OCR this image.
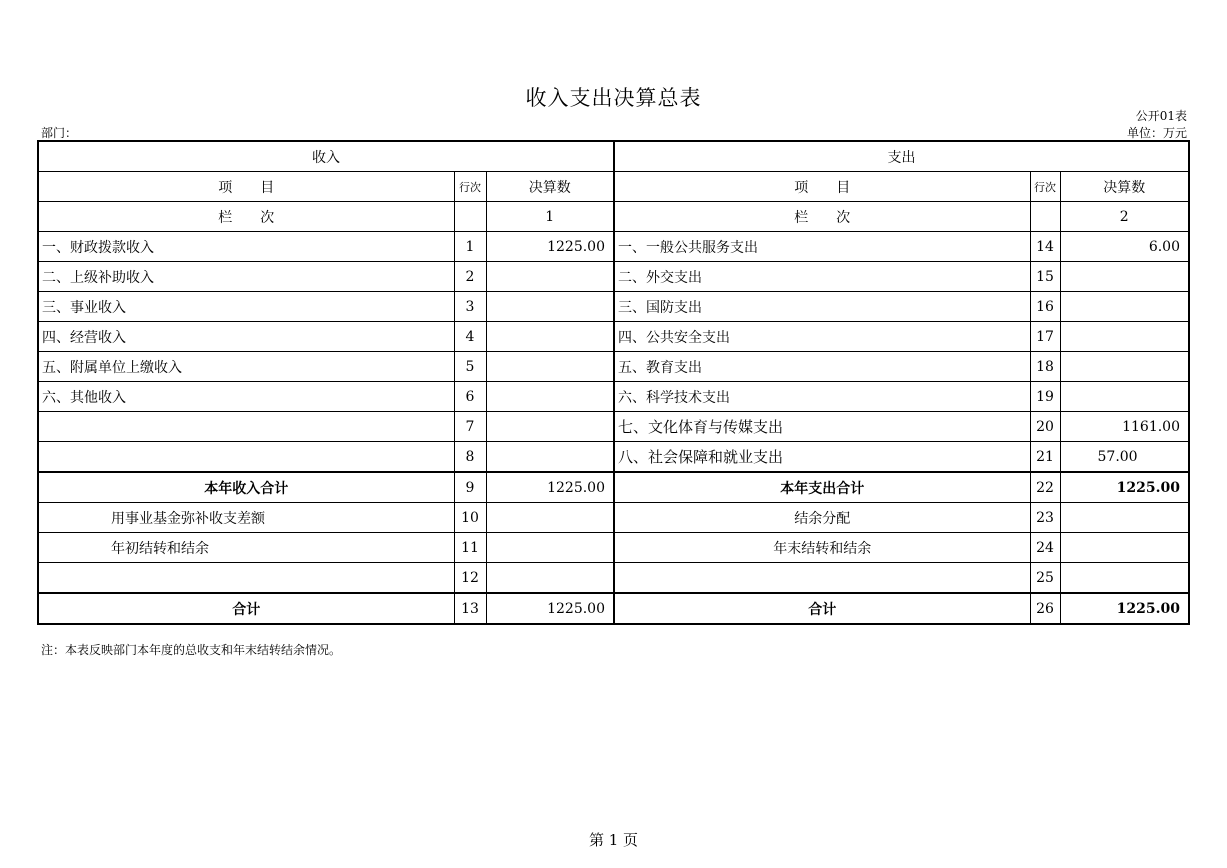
收入支出决算总表
公开01表
部门：	单位：万元
收入			支出		
项　　目	行次	决算数	项　　目	行次	决算数
栏　　次		1	栏　　次		2
一、财政拨款收入	1	1225.00	一、一般公共服务支出	14	6.00
二、上级补助收入	2		二、外交支出	15	
三、事业收入	3		三、国防支出	16	
四、经营收入	4		四、公共安全支出	17	
五、附属单位上缴收入	5		五、教育支出	18	
六、其他收入	6		六、科学技术支出	19	
	7		七、文化体育与传媒支出	20	1161.00
	8		八、社会保障和就业支出	21	57.00
本年收入合计	9	1225.00	本年支出合计	22	1225.00
用事业基金弥补收支差额	10		结余分配	23	
年初结转和结余	11		年末结转和结余	24	
	12			25	
合计	13	1225.00	合计	26	1225.00
注：本表反映部门本年度的总收支和年末结转结余情况。
第 1 页
